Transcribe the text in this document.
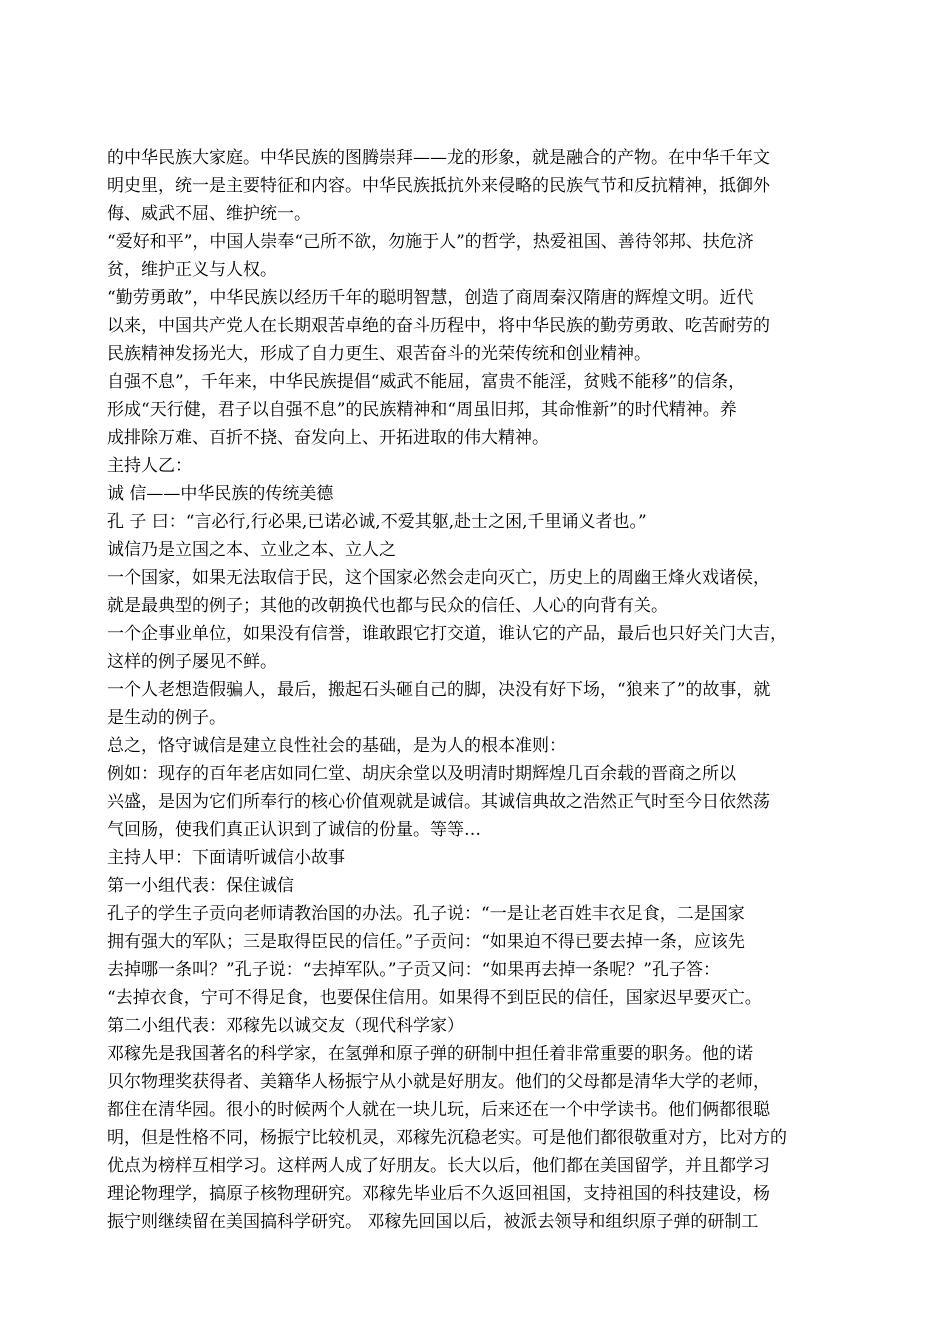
的中华民族大家庭。中华民族的图腾崇拜——龙的形象，就是融合的产物。在中华千年文
明史里，统一是主要特征和内容。中华民族抵抗外来侵略的民族气节和反抗精神，抵御外
侮、威武不屈、维护统一。
“爱好和平”，中国人崇奉“己所不欲，勿施于人”的哲学，热爱祖国、善待邻邦、扶危济
贫，维护正义与人权。
“勤劳勇敢”，中华民族以经历千年的聪明智慧，创造了商周秦汉隋唐的辉煌文明。近代
以来，中国共产党人在长期艰苦卓绝的奋斗历程中，将中华民族的勤劳勇敢、吃苦耐劳的
民族精神发扬光大，形成了自力更生、艰苦奋斗的光荣传统和创业精神。
自强不息”，千年来，中华民族提倡“威武不能屈，富贵不能淫，贫贱不能移”的信条，
形成“天行健，君子以自强不息”的民族精神和“周虽旧邦，其命惟新”的时代精神。养
成排除万难、百折不挠、奋发向上、开拓进取的伟大精神。
主持人乙：
诚 信——中华民族的传统美德
孔 子 曰：“言必行,行必果,已诺必诚,不爱其躯,赴士之困,千里诵义者也。”
诚信乃是立国之本、立业之本、立人之
一个国家，如果无法取信于民，这个国家必然会走向灭亡，历史上的周幽王烽火戏诸侯，
就是最典型的例子；其他的改朝换代也都与民众的信任、人心的向背有关。
一个企事业单位，如果没有信誉，谁敢跟它打交道，谁认它的产品，最后也只好关门大吉，
这样的例子屡见不鲜。
一个人老想造假骗人，最后，搬起石头砸自己的脚，决没有好下场，“狼来了”的故事，就
是生动的例子。
总之，恪守诚信是建立良性社会的基础，是为人的根本准则：
例如：现存的百年老店如同仁堂、胡庆余堂以及明清时期辉煌几百余载的晋商之所以
兴盛，是因为它们所奉行的核心价值观就是诚信。其诚信典故之浩然正气时至今日依然荡
气回肠，使我们真正认识到了诚信的份量。等等…
主持人甲：下面请听诚信小故事
第一小组代表：保住诚信
孔子的学生子贡向老师请教治国的办法。孔子说：“一是让老百姓丰衣足食，二是国家
拥有强大的军队；三是取得臣民的信任。”子贡问：“如果迫不得已要去掉一条，应该先
去掉哪一条叫？”孔子说：“去掉军队。”子贡又问：“如果再去掉一条呢？”孔子答：
“去掉衣食，宁可不得足食，也要保住信用。如果得不到臣民的信任，国家迟早要灭亡。
第二小组代表：邓稼先以诚交友（现代科学家）
邓稼先是我国著名的科学家，在氢弹和原子弹的研制中担任着非常重要的职务。他的诺
贝尔物理奖获得者、美籍华人杨振宁从小就是好朋友。他们的父母都是清华大学的老师，
都住在清华园。很小的时候两个人就在一块儿玩，后来还在一个中学读书。他们俩都很聪
明，但是性格不同，杨振宁比较机灵，邓稼先沉稳老实。可是他们都很敬重对方，比对方的
优点为榜样互相学习。这样两人成了好朋友。长大以后，他们都在美国留学，并且都学习
理论物理学，搞原子核物理研究。邓稼先毕业后不久返回祖国，支持祖国的科技建设，杨
振宁则继续留在美国搞科学研究。 邓稼先回国以后，被派去领导和组织原子弹的研制工
